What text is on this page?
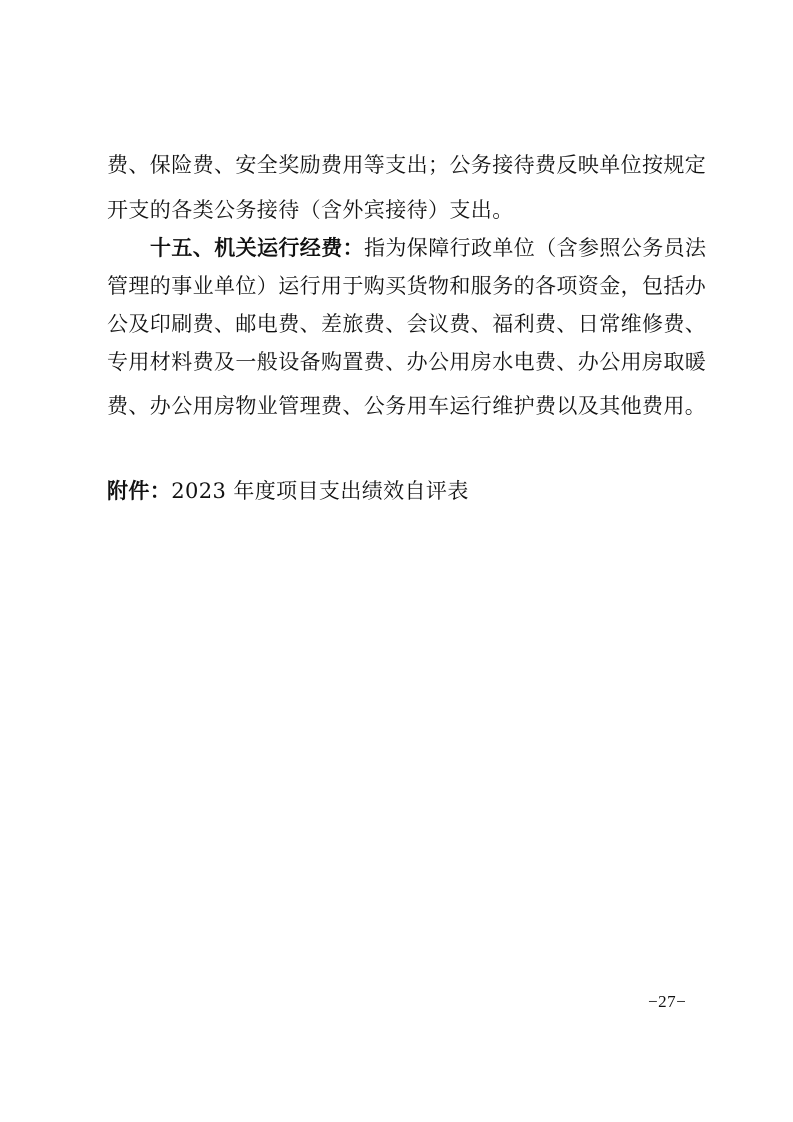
费、保险费、安全奖励费用等支出；公务接待费反映单位按规定
开支的各类公务接待（含外宾接待）支出。
十五、机关运行经费：指为保障行政单位（含参照公务员法
管理的事业单位）运行用于购买货物和服务的各项资金，包括办
公及印刷费、邮电费、差旅费、会议费、福利费、日常维修费、
专用材料费及一般设备购置费、办公用房水电费、办公用房取暖
费、办公用房物业管理费、公务用车运行维护费以及其他费用。
附件：2023 年度项目支出绩效自评表
−27−
